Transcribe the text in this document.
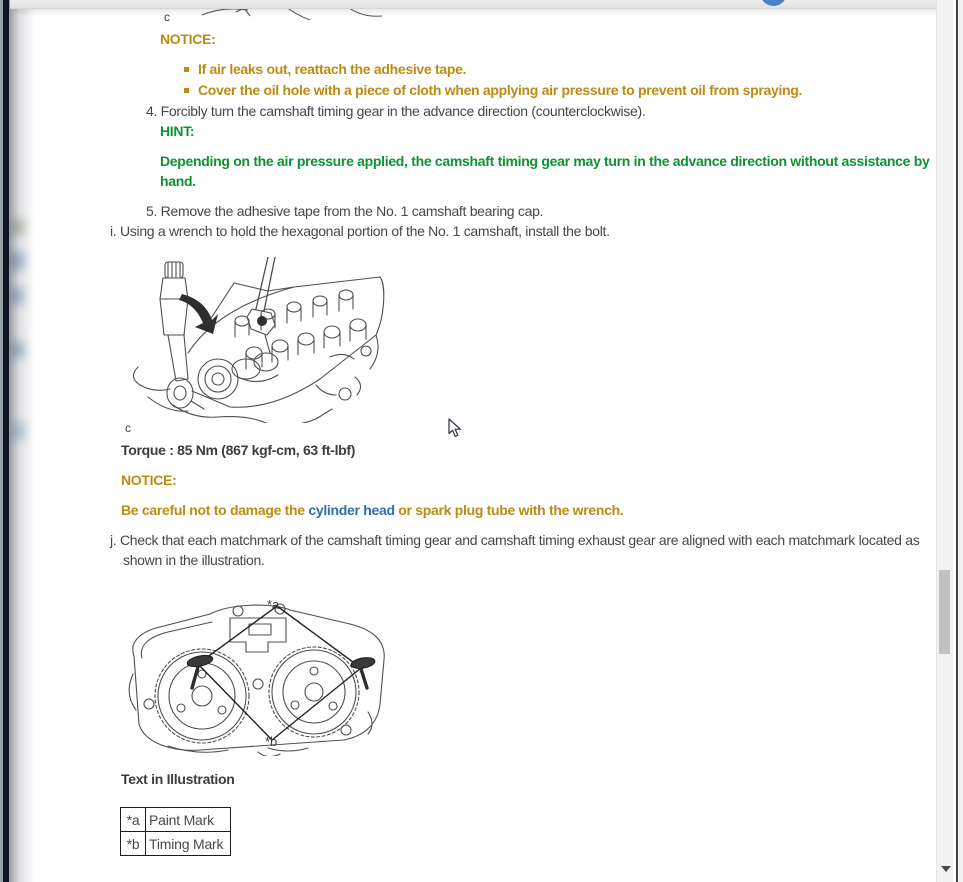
c
NOTICE:
If air leaks out, reattach the adhesive tape.
Cover the oil hole with a piece of cloth when applying air pressure to prevent oil from spraying.
4. Forcibly turn the camshaft timing gear in the advance direction (counterclockwise).
HINT:
Depending on the air pressure applied, the camshaft timing gear may turn in the advance direction without assistance by hand.
5. Remove the adhesive tape from the No. 1 camshaft bearing cap.
i. Using a wrench to hold the hexagonal portion of the No. 1 camshaft, install the bolt.
c
Torque : 85 Nm (867 kgf-cm, 63 ft-lbf)
NOTICE:
Be careful not to damage the cylinder head or spark plug tube with the wrench.
j. Check that each matchmark of the camshaft timing gear and camshaft timing exhaust gear are aligned with each matchmark located as shown in the illustration.
*a
*b
Text in Illustration
*a	Paint Mark
*b	Timing Mark
